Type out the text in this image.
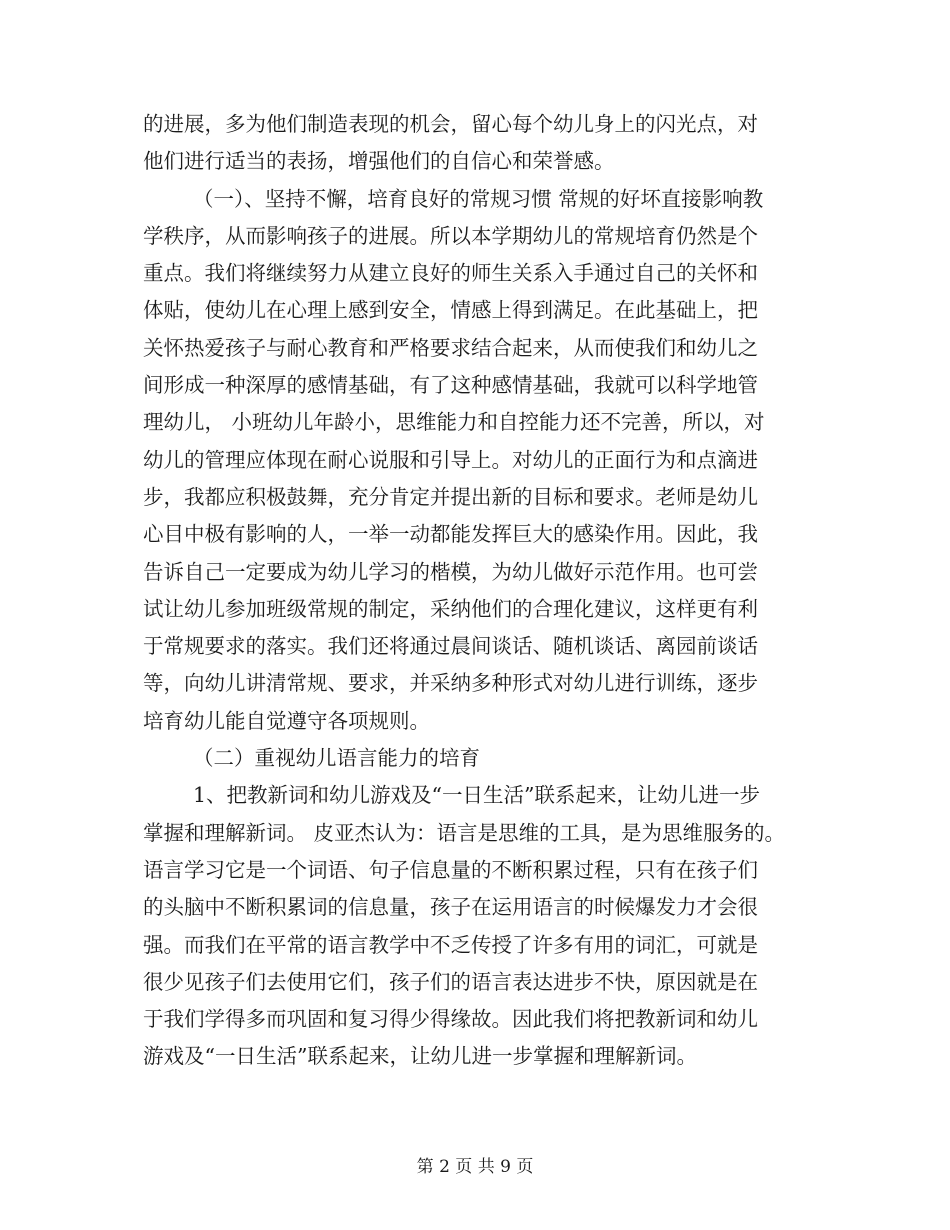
的进展，多为他们制造表现的机会，留心每个幼儿身上的闪光点，对
他们进行适当的表扬，增强他们的自信心和荣誉感。
（一）、坚持不懈，培育良好的常规习惯 常规的好坏直接影响教
学秩序，从而影响孩子的进展。所以本学期幼儿的常规培育仍然是个
重点。我们将继续努力从建立良好的师生关系入手通过自己的关怀和
体贴，使幼儿在心理上感到安全，情感上得到满足。在此基础上，把
关怀热爱孩子与耐心教育和严格要求结合起来，从而使我们和幼儿之
间形成一种深厚的感情基础，有了这种感情基础，我就可以科学地管
理幼儿， 小班幼儿年龄小，思维能力和自控能力还不完善，所以，对
幼儿的管理应体现在耐心说服和引导上。对幼儿的正面行为和点滴进
步，我都应积极鼓舞，充分肯定并提出新的目标和要求。老师是幼儿
心目中极有影响的人，一举一动都能发挥巨大的感染作用。因此，我
告诉自己一定要成为幼儿学习的楷模，为幼儿做好示范作用。也可尝
试让幼儿参加班级常规的制定，采纳他们的合理化建议，这样更有利
于常规要求的落实。我们还将通过晨间谈话、随机谈话、离园前谈话
等，向幼儿讲清常规、要求，并采纳多种形式对幼儿进行训练，逐步
培育幼儿能自觉遵守各项规则。
（二）重视幼儿语言能力的培育
1、把教新词和幼儿游戏及“一日生活”联系起来，让幼儿进一步
掌握和理解新词。 皮亚杰认为：语言是思维的工具，是为思维服务的。
语言学习它是一个词语、句子信息量的不断积累过程，只有在孩子们
的头脑中不断积累词的信息量，孩子在运用语言的时候爆发力才会很
强。而我们在平常的语言教学中不乏传授了许多有用的词汇，可就是
很少见孩子们去使用它们，孩子们的语言表达进步不快，原因就是在
于我们学得多而巩固和复习得少得缘故。因此我们将把教新词和幼儿
游戏及“一日生活”联系起来，让幼儿进一步掌握和理解新词。
第 2 页 共 9 页
